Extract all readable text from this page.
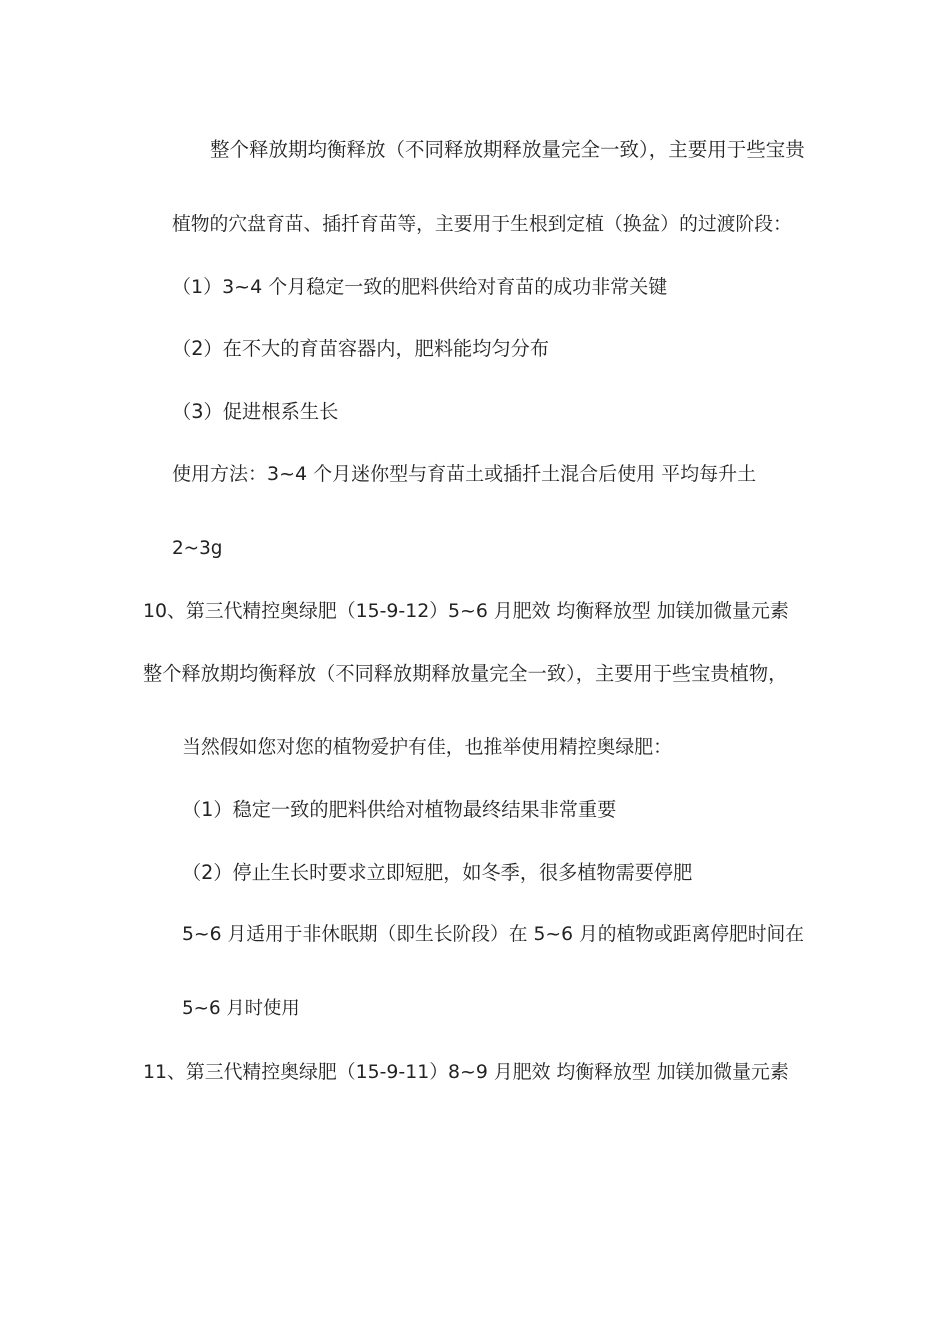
整个释放期均衡释放（不同释放期释放量完全一致），主要用于些宝贵
植物的穴盘育苗、插扦育苗等，主要用于生根到定植（换盆）的过渡阶段：
（1）3~4 个月稳定一致的肥料供给对育苗的成功非常关键
（2）在不大的育苗容器内，肥料能均匀分布
（3）促进根系生长
使用方法：3~4 个月迷你型与育苗土或插扦土混合后使用 平均每升土
2~3g
10、第三代精控奥绿肥（15-9-12）5~6 月肥效 均衡释放型 加镁加微量元素
整个释放期均衡释放（不同释放期释放量完全一致），主要用于些宝贵植物，
当然假如您对您的植物爱护有佳，也推举使用精控奥绿肥：
（1）稳定一致的肥料供给对植物最终结果非常重要
（2）停止生长时要求立即短肥，如冬季，很多植物需要停肥
5~6 月适用于非休眠期（即生长阶段）在 5~6 月的植物或距离停肥时间在
5~6 月时使用
11、第三代精控奥绿肥（15-9-11）8~9 月肥效 均衡释放型 加镁加微量元素
